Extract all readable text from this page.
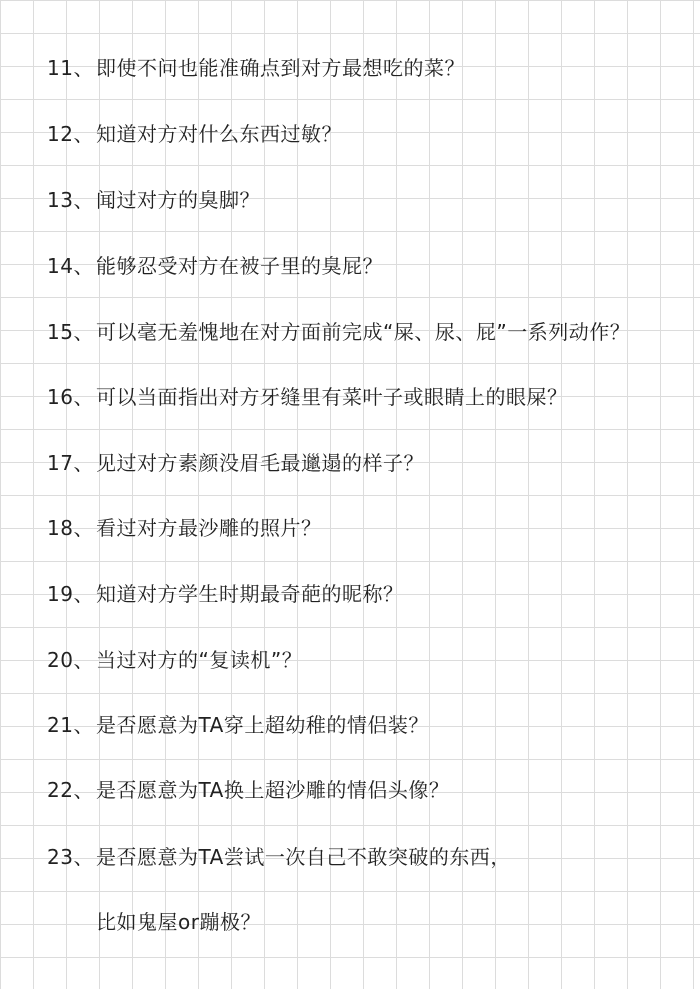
11、 即使不问也能准确点到对方最想吃的菜？
12、 知道对方对什么东西过敏？
13、 闻过对方的臭脚？
14、 能够忍受对方在被子里的臭屁？
15、 可以毫无羞愧地在对方面前完成“屎、尿、屁”一系列动作？
16、 可以当面指出对方牙缝里有菜叶子或眼睛上的眼屎？
17、 见过对方素颜没眉毛最邋遢的样子？
18、 看过对方最沙雕的照片？
19、 知道对方学生时期最奇葩的昵称？
20、 当过对方的“复读机”？
21、 是否愿意为TA穿上超幼稚的情侣装？
22、 是否愿意为TA换上超沙雕的情侣头像？
23、 是否愿意为TA尝试一次自己不敢突破的东西，
比如鬼屋or蹦极？
